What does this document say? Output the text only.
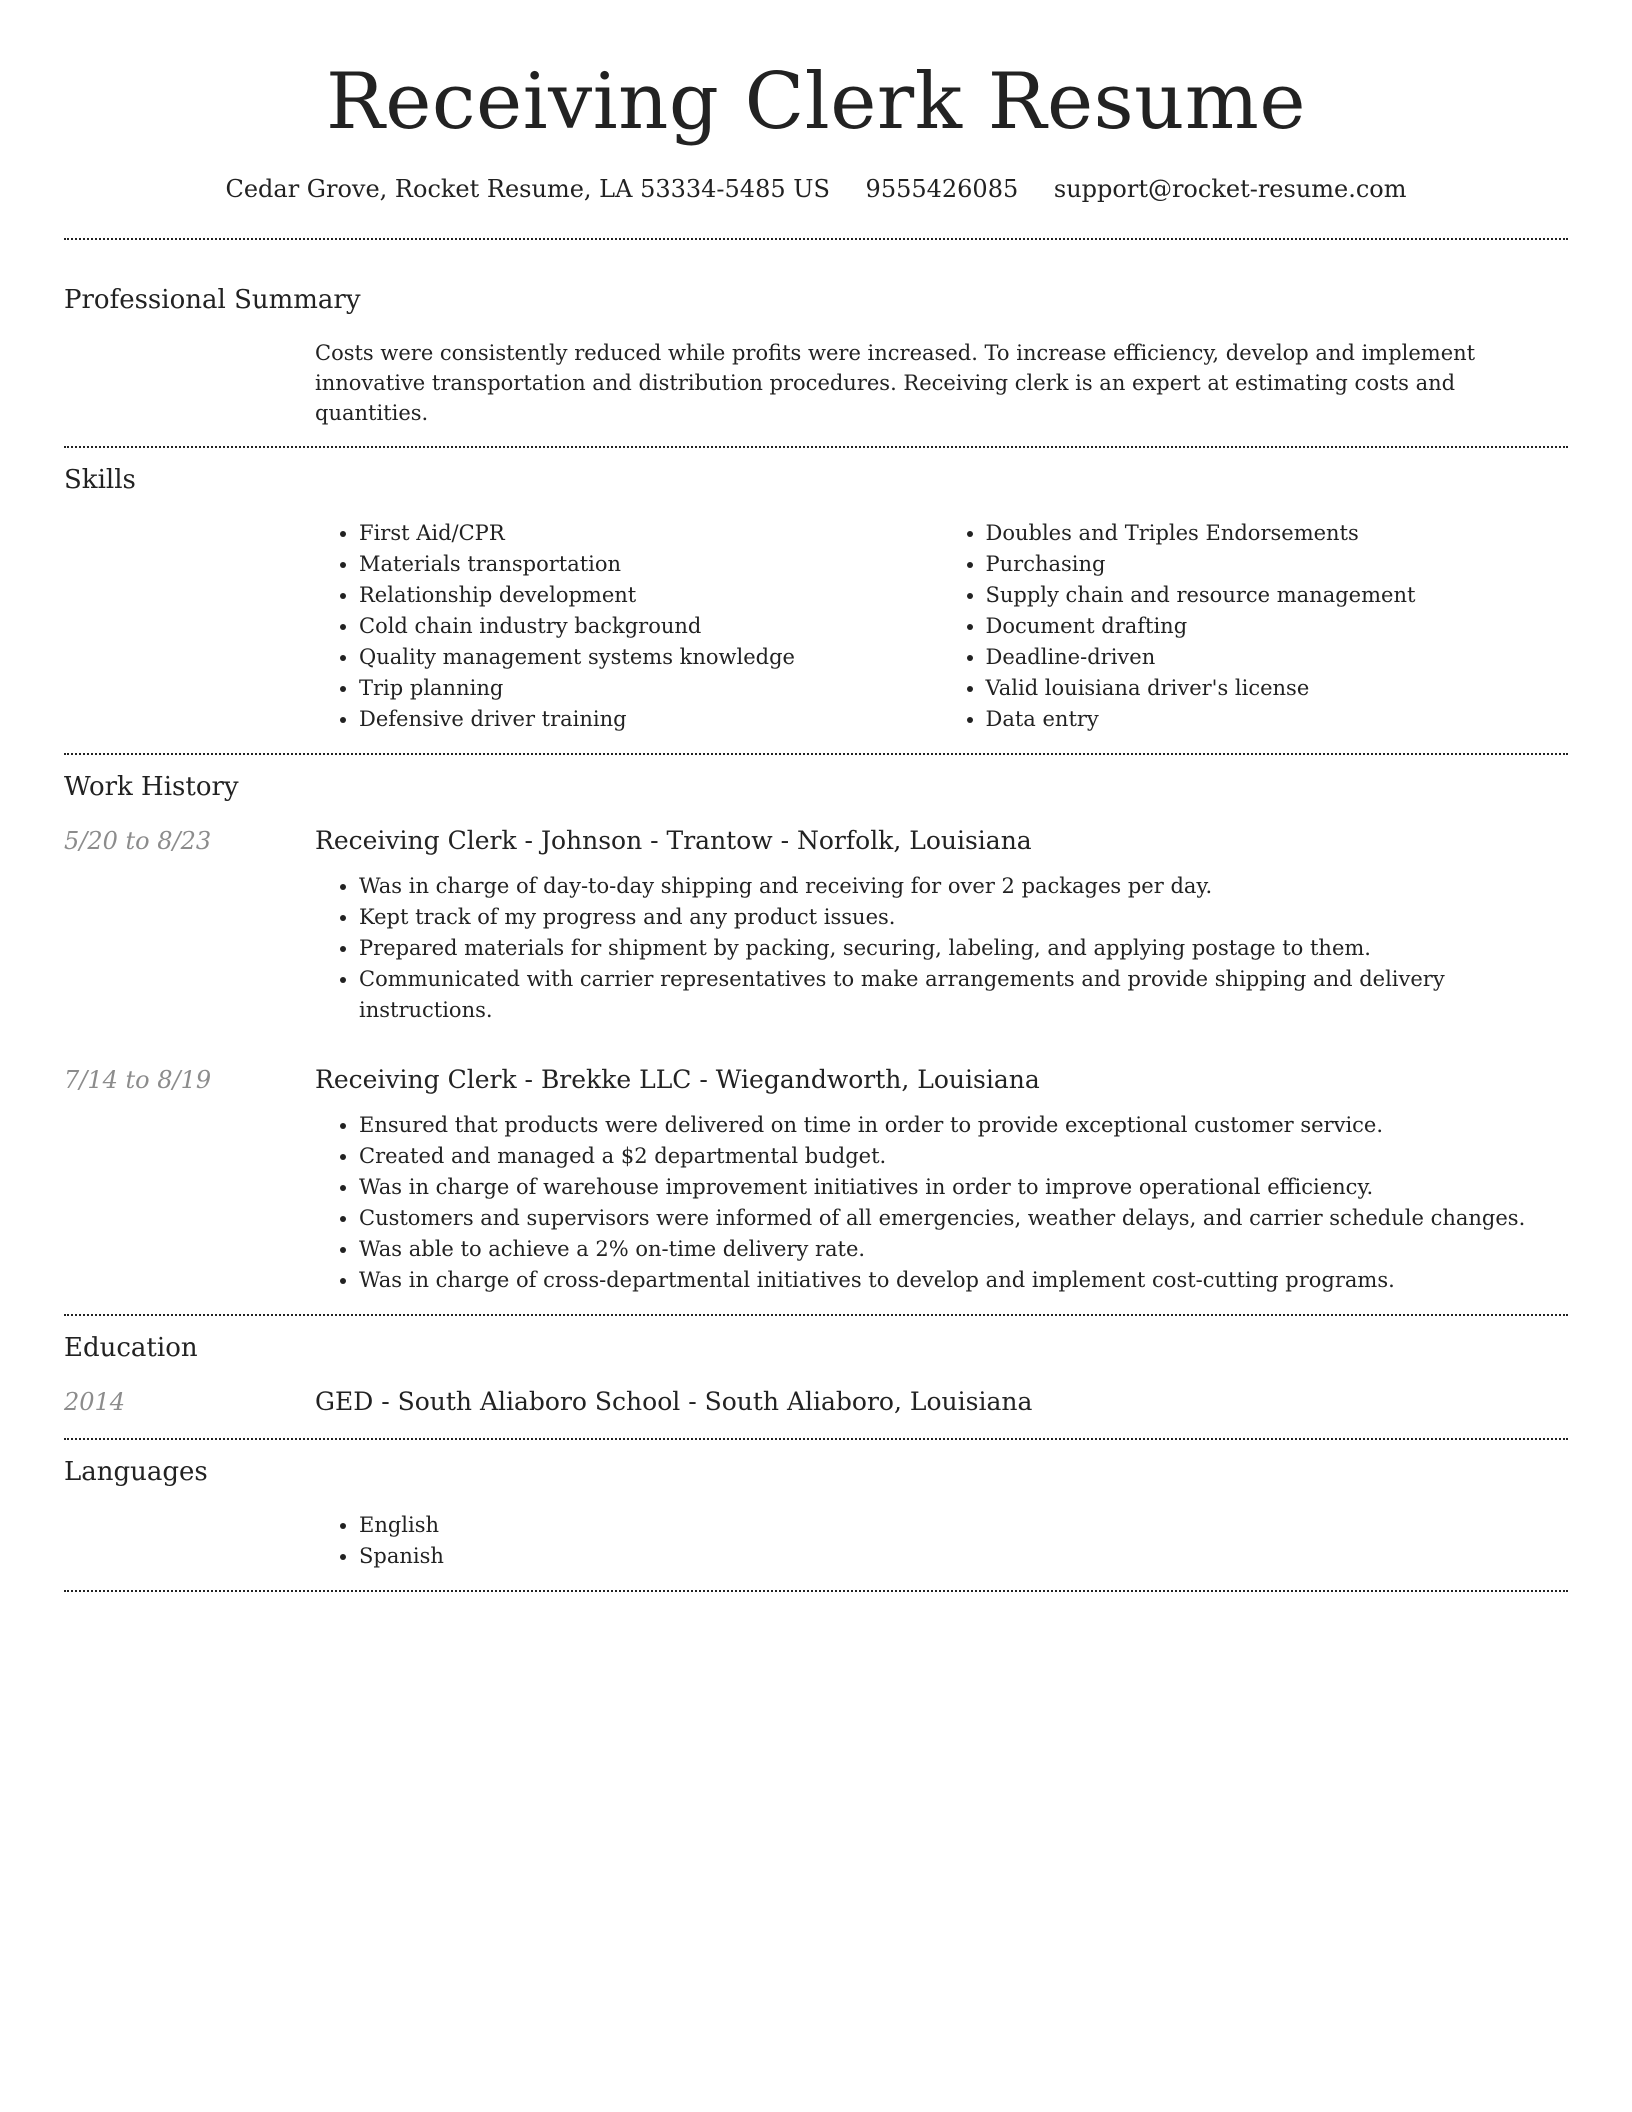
Receiving Clerk Resume
Cedar Grove, Rocket Resume, LA 53334-5485 US 9555426085 support@rocket-resume.com
Professional Summary

Costs were consistently reduced while profits were increased. To increase efficiency, develop and implement innovative transportation and distribution procedures. Receiving clerk is an expert at estimating costs and quantities.

Skills
• First Aid/CPR
• Materials transportation
• Relationship development
• Cold chain industry background
• Quality management systems knowledge
• Trip planning
• Defensive driver training
• Doubles and Triples Endorsements
• Purchasing
• Supply chain and resource management
• Document drafting
• Deadline-driven
• Valid louisiana driver's license
• Data entry
Work History
5/20 to 8/23	Receiving Clerk - Johnson - Trantow - Norfolk, Louisiana
• Was in charge of day-to-day shipping and receiving for over 2 packages per day.
• Kept track of my progress and any product issues.
• Prepared materials for shipment by packing, securing, labeling, and applying postage to them.
• Communicated with carrier representatives to make arrangements and provide shipping and delivery instructions.
7/14 to 8/19	Receiving Clerk - Brekke LLC - Wiegandworth, Louisiana
• Ensured that products were delivered on time in order to provide exceptional customer service.
• Created and managed a $2 departmental budget.
• Was in charge of warehouse improvement initiatives in order to improve operational efficiency.
• Customers and supervisors were informed of all emergencies, weather delays, and carrier schedule changes.
• Was able to achieve a 2% on-time delivery rate.
• Was in charge of cross-departmental initiatives to develop and implement cost-cutting programs.
Education
2014	GED - South Aliaboro School - South Aliaboro, Louisiana
Languages
• English
• Spanish
